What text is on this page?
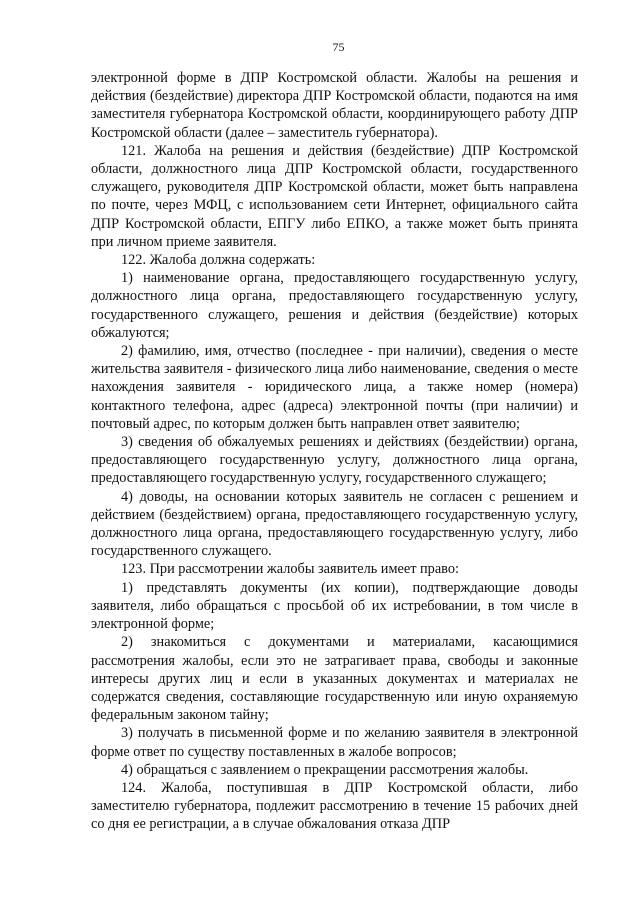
75

электронной форме в ДПР Костромской области. Жалобы на решения и действия (бездействие) директора ДПР Костромской области, подаются на имя заместителя губернатора Костромской области, координирующего работу ДПР Костромской области (далее – заместитель губернатора).

121. Жалоба на решения и действия (бездействие) ДПР Костромской области, должностного лица ДПР Костромской области, государственного служащего, руководителя ДПР Костромской области, может быть направлена по почте, через МФЦ, с использованием сети Интернет, официального сайта ДПР Костромской области, ЕПГУ либо ЕПКО, а также может быть принята при личном приеме заявителя.

122. Жалоба должна содержать:

1) наименование органа, предоставляющего государственную услугу, должностного лица органа, предоставляющего государственную услугу, государственного служащего, решения и действия (бездействие) которых обжалуются;

2) фамилию, имя, отчество (последнее - при наличии), сведения о месте жительства заявителя - физического лица либо наименование, сведения о месте нахождения заявителя - юридического лица, а также номер (номера) контактного телефона, адрес (адреса) электронной почты (при наличии) и почтовый адрес, по которым должен быть направлен ответ заявителю;

3) сведения об обжалуемых решениях и действиях (бездействии) органа, предоставляющего государственную услугу, должностного лица органа, предоставляющего государственную услугу, государственного служащего;

4) доводы, на основании которых заявитель не согласен с решением и действием (бездействием) органа, предоставляющего государственную услугу, должностного лица органа, предоставляющего государственную услугу, либо государственного служащего.

123. При рассмотрении жалобы заявитель имеет право:

1) представлять документы (их копии), подтверждающие доводы заявителя, либо обращаться с просьбой об их истребовании, в том числе в электронной форме;

2) знакомиться с документами и материалами, касающимися рассмотрения жалобы, если это не затрагивает права, свободы и законные интересы других лиц и если в указанных документах и материалах не содержатся сведения, составляющие государственную или иную охраняемую федеральным законом тайну;

3) получать в письменной форме и по желанию заявителя в электронной форме ответ по существу поставленных в жалобе вопросов;

4) обращаться с заявлением о прекращении рассмотрения жалобы.

124. Жалоба, поступившая в ДПР Костромской области, либо заместителю губернатора, подлежит рассмотрению в течение 15 рабочих дней со дня ее регистрации, а в случае обжалования отказа ДПР
